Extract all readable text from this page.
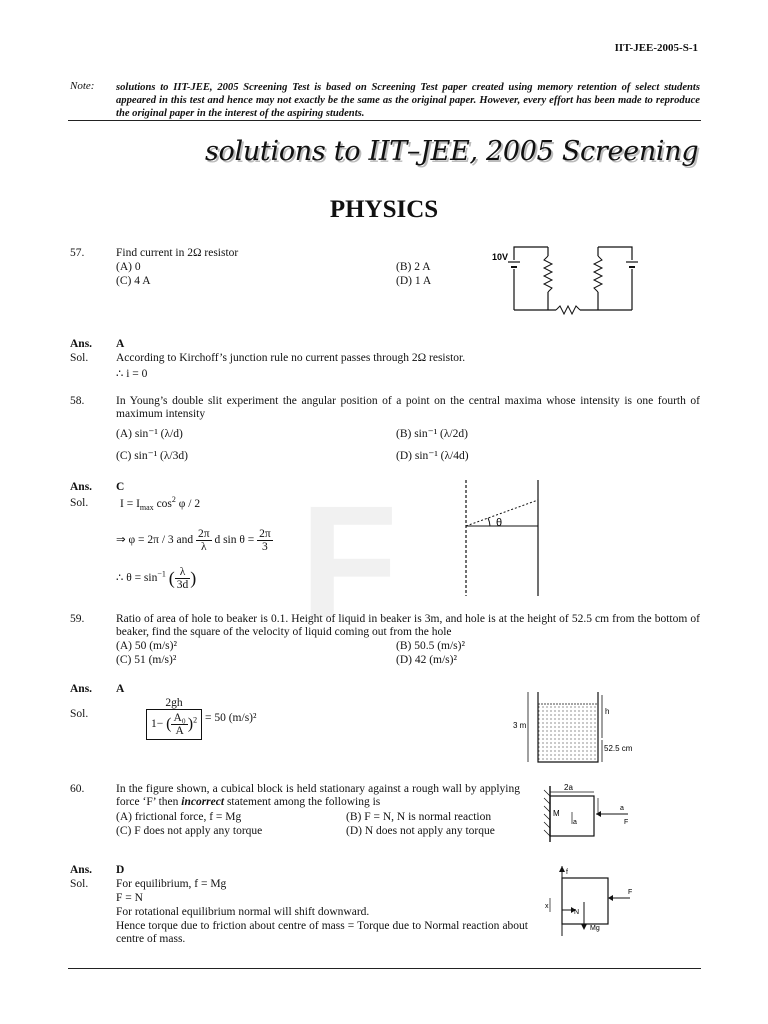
F
IIT-JEE-2005-S-1
Note: solutions to IIT-JEE, 2005 Screening Test is based on Screening Test paper created using memory retention of select students appeared in this test and hence may not exactly be the same as the original paper. However, every effort has been made to reproduce the original paper in the interest of the aspiring students.
solutions to IIT–JEE, 2005 Screening
PHYSICS
57.	Find current in 2Ω resistor
(A) 0	(B) 2 A
(C) 4 A	(D) 1 A
10V
Ans. A
Sol. According to Kirchoff’s junction rule no current passes through 2Ω resistor.
∴ i = 0
58.	In Young’s double slit experiment the angular position of a point on the central maxima whose intensity is one fourth of maximum intensity
(A) sin⁻¹ (λ/d)	(B) sin⁻¹ (λ/2d)
(C) sin⁻¹ (λ/3d)	(D) sin⁻¹ (λ/4d)
Ans. C
Sol.	$I = I_{max}$ $\cos^2 \varphi / 2$
⇒ φ = 2π / 3 and $\frac{2\pi}{\lambda}$ d $\sin \theta = \frac{2\pi}{3}$
∴ $\theta = \sin^{-1}$ ( $\frac{\lambda}{3d}$ )
θ
59.	Ratio of area of hole to beaker is 0.1. Height of liquid in beaker is 3m, and hole is at the height of 52.5 cm from the bottom of beaker, find the square of the velocity of liquid coming out from the hole
(A) 50 (m/s)²	(B) 50.5 (m/s)²
(C) 51 (m/s)²	(D) 42 (m/s)²
Ans. A
Sol.	$\frac{2gh}{1- ( \frac{\text{A₀}}{A} )^2} = 50$ (m/s)²
3 m
h
52.5 cm
60.	In the figure shown, a cubical block is held stationary against a rough wall by applying force ‘F’ then incorrect statement among the following is
(A) frictional force, f = Mg	(B) F = N, N is normal reaction
(C) F does not apply any torque	(D) N does not apply any torque
2a
M
a
a
F
Ans. D
Sol. For equilibrium, f = Mg
F = N
For rotational equilibrium normal will shift downward.
Hence torque due to friction about centre of mass = Torque due to Normal reaction about centre of mass.
f
F
x
N
Mg
